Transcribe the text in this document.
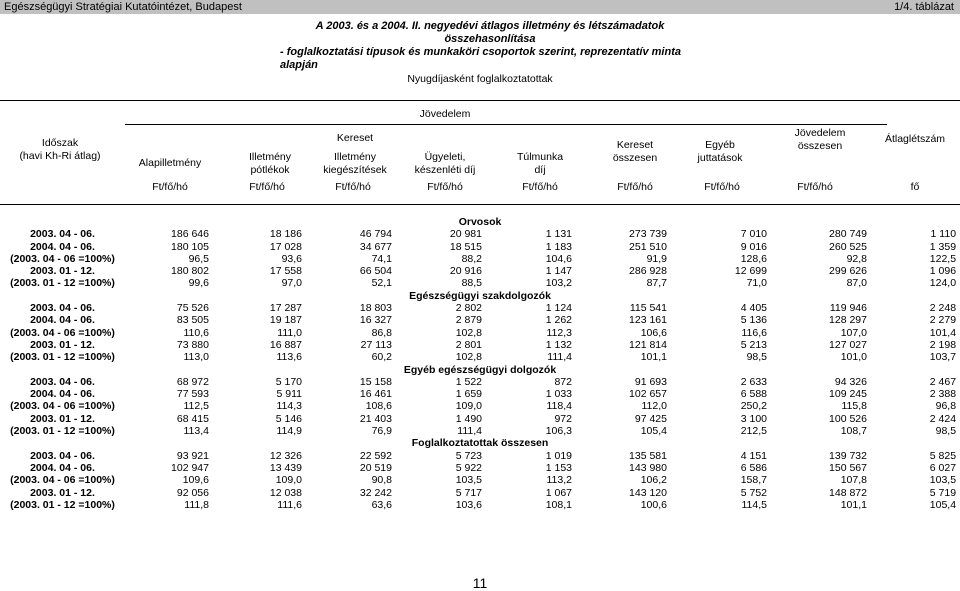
Egészségügyi Stratégiai Kutatóintézet, Budapest	1/4. táblázat
A 2003. és a 2004. II. negyedévi átlagos illetmény és létszámadatok összehasonlítása
- foglalkoztatási típusok és munkaköri csoportok szerint, reprezentatív minta alapján
Nyugdíjasként foglalkoztatottak
Időszak
(havi Kh-Ri átlag)
Jövedelem
Kereset
Alapilletmény	Illetmény
pótlékok
Illetmény
kiegészítések
Ügyeleti,
készenléti díj
Túlmunka
díj
Kereset
összesen
Egyéb
juttatások
Jövedelem
összesen
Átlaglétszám
Ft/fő/hó	Ft/fő/hó	Ft/fő/hó	Ft/fő/hó	Ft/fő/hó	Ft/fő/hó	Ft/fő/hó	Ft/fő/hó	fő
Orvosok									
2003. 04 - 06.	186 646	18 186	46 794	20 981	1 131	273 739	7 010	280 749	1 110
2004. 04 - 06.	180 105	17 028	34 677	18 515	1 183	251 510	9 016	260 525	1 359
(2003. 04 - 06 =100%)	96,5	93,6	74,1	88,2	104,6	91,9	128,6	92,8	122,5
2003. 01 - 12.	180 802	17 558	66 504	20 916	1 147	286 928	12 699	299 626	1 096
(2003. 01 - 12 =100%)	99,6	97,0	52,1	88,5	103,2	87,7	71,0	87,0	124,0
Egészségügyi szakdolgozók									
2003. 04 - 06.	75 526	17 287	18 803	2 802	1 124	115 541	4 405	119 946	2 248
2004. 04 - 06.	83 505	19 187	16 327	2 879	1 262	123 161	5 136	128 297	2 279
(2003. 04 - 06 =100%)	110,6	111,0	86,8	102,8	112,3	106,6	116,6	107,0	101,4
2003. 01 - 12.	73 880	16 887	27 113	2 801	1 132	121 814	5 213	127 027	2 198
(2003. 01 - 12 =100%)	113,0	113,6	60,2	102,8	111,4	101,1	98,5	101,0	103,7
Egyéb egészségügyi dolgozók									
2003. 04 - 06.	68 972	5 170	15 158	1 522	872	91 693	2 633	94 326	2 467
2004. 04 - 06.	77 593	5 911	16 461	1 659	1 033	102 657	6 588	109 245	2 388
(2003. 04 - 06 =100%)	112,5	114,3	108,6	109,0	118,4	112,0	250,2	115,8	96,8
2003. 01 - 12.	68 415	5 146	21 403	1 490	972	97 425	3 100	100 526	2 424
(2003. 01 - 12 =100%)	113,4	114,9	76,9	111,4	106,3	105,4	212,5	108,7	98,5
Foglalkoztatottak összesen									
2003. 04 - 06.	93 921	12 326	22 592	5 723	1 019	135 581	4 151	139 732	5 825
2004. 04 - 06.	102 947	13 439	20 519	5 922	1 153	143 980	6 586	150 567	6 027
(2003. 04 - 06 =100%)	109,6	109,0	90,8	103,5	113,2	106,2	158,7	107,8	103,5
2003. 01 - 12.	92 056	12 038	32 242	5 717	1 067	143 120	5 752	148 872	5 719
(2003. 01 - 12 =100%)	111,8	111,6	63,6	103,6	108,1	100,6	114,5	101,1	105,4
11
